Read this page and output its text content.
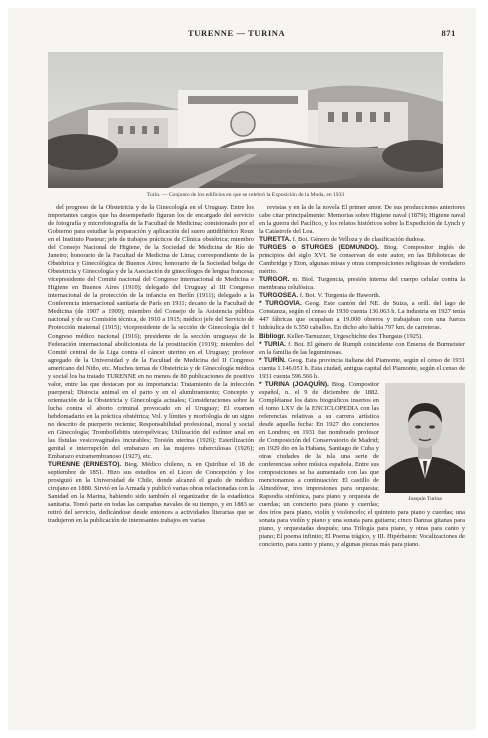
TURENNE — TURINA	871
Turín. — Conjunto de los edificios en que se celebró la Exposición de la Moda, en 1933

del progreso de la Obstetricia y de la Ginecología en el Uruguay. Entre los importantes cargos que ha desempeñado figuran los de encargado del servicio de fotografía y microfotografía de la Facultad de Medicina; comisionado por el Gobierno para estudiar la preparación y aplicación del suero antidiftérico Roux en el Instituto Pasteur; jefe de trabajos prácticos de Clínica obstétrica; miembro del Consejo Nacional de Higiene, de la Sociedad de Medicina de Río de Janeiro; honorario de la Facultad de Medicina de Lima; correspondiente de la Obstétrica y Ginecológica de Buenos Aires; honorario de la Sociedad belga de Obstetricia y Ginecología y de la Asociación de ginecólogos de lengua francesa; vicepresidente del Comité nacional del Congreso internacional de Medicina e Higiene en Buenos Aires (1910); delegado del Uruguay al III Congreso internacional de la protección de la infancia en Berlín (1911); delegado a la Conferencia internacional sanitaria de París en 1911; decano de la Facultad de Medicina (de 1907 a 1909); miembro del Consejo de la Asistencia pública nacional y de su Comisión técnica, de 1910 a 1915; médico jefe del Servicio de Protección maternal (1915); vicepresidente de la sección de Ginecología del I Congreso médico nacional (1916); presidente de la sección uruguaya de la Federación internacional abolicionista de la prostitución (1919); miembro del Comité central de la Liga contra el cáncer uterino en el Uruguay; profesor agregado de la Universidad y de la Facultad de Medicina del II Congreso americano del Niño, etc. Muchos temas de Obstetricia y de Ginecología médica y social los ha tratado TURENNE en no menos de 80 publicaciones de positivo valor, entre las que destacan por su importancia: Tratamiento de la infección puerperal; Distocia animal en el parto y en el alumbramiento; Concepto y orientación de la Obstetricia y Ginecología actuales; Consideraciones sobre la lucha contra el aborto criminal provocado en el Uruguay; El examen hebdomadario en la práctica obstétrica; Vol. y límites y morfología de un signo no descrito de puerperio reciente; Responsabilidad profesional, moral y social en Ginecología; Tromboflebitis uteropélvicas; Utilización del esfínter anal en las fístulas vesicovaginales incurables; Torsión uterina (1926); Esterilización genital e interrupción del embarazo en las mujeres tuberculosas (1926); Embarazo extramembranoso (1927), etc.

TURENNE (ERNESTO). Biog. Médico chileno, n. en Quirihue el 18 de septiembre de 1851. Hizo sus estudios en el Liceo de Concepción y los prosiguió en la Universidad de Chile, donde alcanzó el grado de médico cirujano en 1880. Sirvió en la Armada y publicó varias obras relacionadas con la Sanidad en la Marina, habiendo sido también el organizador de la estadística sanitaria. Tomó parte en todas las campañas navales de su tiempo, y en 1883 se retiró del servicio, dedicándose desde entonces a actividades literarias que se tradujeron en la publicación de interesantes trabajos en varias

revistas y en la de la novela El primer amor. De sus producciones anteriores cabe citar principalmente: Memorias sobre Higiene naval (1879); Higiene naval en la guerra del Pacífico, y los relatos históricos sobre la Expedición de Lynch y la Catástrofe del Loa.

TURETTA. f. Bot. Género de Velloza y de clasificación dudosa.

TURGES o STURGES (EDMUNDO). Biog. Compositor inglés de principios del siglo XVI. Se conservan de este autor, en las Bibliotecas de Cambridge y Eton, algunas misas y otras composiciones religiosas de verdadero mérito.

TURGOR. m. Biol. Turgencia, presión interna del cuerpo celular contra la membrana celulósica.

TURGOSEA. f. Bot. V. Turgenia de Haworth.

* TURGOVIA. Geog. Este cantón del NE. de Suiza, a orill. del lago de Constanza, según el censo de 1930 cuenta 136.063 h. La industria en 1927 tenía 447 fábricas que ocupaban a 19.000 obreros y trabajaban con una fuerza hidráulica de 6.550 caballos. En dicho año había 797 km. de carreteras.

Bibliogr. Keller-Tarnuzzer, Urgeschichte des Thurgaus (1925).

* TURIA. f. Bot. El género de Rumph coincidente con Emerus de Burmeister en la familia de las leguminosas.

* TURÍN. Geog. Esta provincia italiana del Piamonte, según el censo de 1931 cuenta 1.146.051 h. Esta ciudad, antigua capital del Piamonte, según el censo de 1931 cuenta 596.566 h.

Joaquín Turina

* TURINA (JOAQUÍN). Biog. Compositor español, n. el 9 de diciembre de 1882. Complétanse los datos biográficos insertos en el tomo LXV de la ENCICLOPEDIA con las referencias relativas a su carrera artística desde aquella fecha: En 1927 dio conciertos en Londres; en 1931 fue nombrado profesor de Composición del Conservatorio de Madrid; en 1929 dio en la Habana, Santiago de Cuba y otras ciudades de la isla una serie de conferencias sobre música española. Entre sus composiciones se ha aumentado con las que mencionamos a continuación: El castillo de Almodóvar, tres impresiones para orquesta; Rapsodia sinfónica, para piano y orquesta de cuerdas; un concierto para piano y cuerdas; dos tríos para piano, violín y violoncelo; el quinteto para piano y cuerdas; una sonata para violín y piano y una sonata para guitarra; cinco Danzas gitanas para piano, y orquestadas después; una Trilogía para piano, y otras para canto y piano; El poema infinito; El Poema trágico, y III. Hipérbaton: Vocalizaciones de concierto, para canto y piano, y algunas piezas más para piano.
